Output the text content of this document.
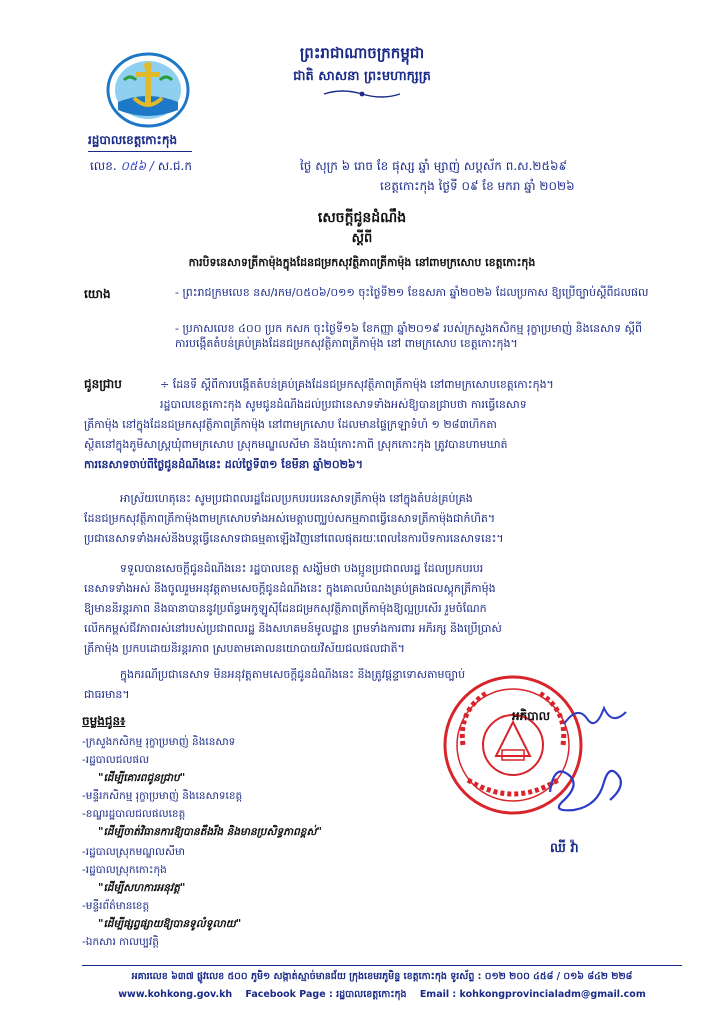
ព្រះរាជាណាចក្រកម្ពុជា
ជាតិ សាសនា ព្រះមហាក្សត្រ
រដ្ឋបាលខេត្តកោះកុង
លេខ. ០៥៦ / ស.ជ.ក	ថ្ងៃ សុក្រ ៦ រោច ខែ ផុស្ស ឆ្នាំ ម្សាញ់ សប្តស័ក ព.ស.២៥៦៩
ខេត្តកោះកុង ថ្ងៃទី ០៩ ខែ មករា ឆ្នាំ ២០២៦
សេចក្តីជូនដំណឹង
ស្តីពី
ការបិទនេសាទត្រីកាម៉ុងក្នុងដែនជម្រកសុវត្ថិភាពត្រីកាម៉ុង នៅពាមក្រសោប ខេត្តកោះកុង
យោង	- ព្រះរាជក្រមលេខ នស/រកម/០៥០៦/០១១ ចុះថ្ងៃទី២១ ខែឧសភា ឆ្នាំ២០២៦ ដែលប្រកាស ឱ្យប្រើច្បាប់ស្តីពីជលផល
- ប្រកាសលេខ ៤០០ ប្រក កសក ចុះថ្ងៃទី១៦ ខែកញ្ញា ឆ្នាំ២០១៩ របស់ក្រសួងកសិកម្ម រុក្ខាប្រមាញ់ និងនេសាទ ស្តីពីការបង្កើតតំបន់គ្រប់គ្រងដែនជម្រកសុវត្ថិភាពត្រីកាម៉ុង នៅ ពាមក្រសោប ខេត្តកោះកុង។
ជូនជ្រាប	÷ ដែនទី ស្តីពីការបង្កើតតំបន់គ្រប់គ្រងដែនជម្រកសុវត្ថិភាពត្រីកាម៉ុង នៅពាមក្រសោបខេត្តកោះកុង។
រដ្ឋបាលខេត្តកោះកុង សូមជូនដំណឹងដល់ប្រជានេសាទទាំងអស់ឱ្យបានជ្រាបថា ការធ្វើនេសាទ
ត្រីកាម៉ុង នៅក្នុងដែនជម្រកសុវត្ថិភាពត្រីកាម៉ុង នៅពាមក្រសោប ដែលមានផ្ទៃក្រឡាទំហំ ១ ២៨៣ហិកតា
ស្ថិតនៅក្នុងភូមិសាស្ត្រឃុំពាមក្រសោប ស្រុកមណ្ឌលសីមា និងឃុំកោះកាពិ ស្រុកកោះកុង ត្រូវបានហាមឃាត់
ការនេសាទចាប់ពីថ្ងៃជូនដំណឹងនេះ ដល់ថ្ងៃទី៣១ ខែមីនា ឆ្នាំ២០២៦។
អាស្រ័យហេតុនេះ សូមប្រជាពលរដ្ឋដែលប្រកបរបរនេសាទត្រីកាម៉ុង នៅក្នុងតំបន់គ្រប់គ្រង
ដែនជម្រកសុវត្ថិភាពត្រីកាម៉ុងពាមក្រសោបទាំងអស់មេត្តាបញ្ឈប់សកម្មភាពធ្វើនេសាទត្រីកាម៉ុងជាកំហិត។
ប្រជានេសាទទាំងអស់នឹងបន្តធ្វើនេសាទជាធម្មតាឡើងវិញនៅពេលផុតរយៈពេលនៃការបិទការនេសាទនេះ។
ទទួលបានសេចក្តីជូនដំណឹងនេះ រដ្ឋបាលខេត្ត សង្ឃឹមថា បងប្អូនប្រជាពលរដ្ឋ ដែលប្រកបរបរ
នេសាទទាំងអស់ នឹងចូលរួមអនុវត្តតាមសេចក្តីជូនដំណឹងនេះ ក្នុងគោលបំណងគ្រប់គ្រងផលស្តុកត្រីកាម៉ុង
ឱ្យមាននិរន្តរភាព និងធានាបាននូវប្រព័ន្ធអេកូឡូស៊ីដែនជម្រកសុវត្ថិភាពត្រីកាម៉ុងឱ្យល្អប្រសើរ រួមចំណែក
លើកកម្ពស់ជីវភាពរស់នៅរបស់ប្រជាពលរដ្ឋ និងសហគមន៍មូលដ្ឋាន ព្រមទាំងការពារ អភិរក្ស និងប្រើប្រាស់
ត្រីកាម៉ុង ប្រកបដោយនិរន្តរភាព ស្របតាមគោលនយោបាយវិស័យជលផលជាតិ។
ក្នុងករណីប្រជានេសាទ មិនអនុវត្តតាមសេចក្តីជូនដំណឹងនេះ នឹងត្រូវផ្តន្ទាទោសតាមច្បាប់
ជាធរមាន។
អភិបាល
ឈី វ៉ា
ចម្លងជូន៖
-ក្រសួងកសិកម្ម រុក្ខាប្រមាញ់ និងនេសាទ
-រដ្ឋបាលជលផល
"ដើម្បីគោរពជូនជ្រាប"
-មន្ទីរកសិកម្ម រុក្ខាប្រមាញ់ និងនេសាទខេត្ត
-ខណ្ឌរដ្ឋបាលជលផលខេត្ត
"ដើម្បីចាត់វិធានការឱ្យបានតឹងរឹង និងមានប្រសិទ្ធភាពខ្ពស់"
-រដ្ឋបាលស្រុកមណ្ឌលសីមា
-រដ្ឋបាលស្រុកកោះកុង
"ដើម្បីសហការអនុវត្ត"
-មន្ទីរព័ត៌មានខេត្ត
"ដើម្បីផ្សព្វផ្សាយឱ្យបានទូលំទូលាយ"
-ឯកសារ កាលប្បវត្តិ
អគារលេខ ៦៣៧ ផ្លូវលេខ ៥០០ ភូមិ១ សង្កាត់ស្មាច់មានជ័យ ក្រុងខេមរភូមិន្ទ ខេត្តកោះកុង ទូរស័ព្ទ : ០១២ ២០០ ៤៥៨ / ០១៦ ៨៤២ ២២៨
www.kohkong.gov.kh Facebook Page : រដ្ឋបាលខេត្តកោះកុង Email : kohkongprovincialadm@gmail.com
